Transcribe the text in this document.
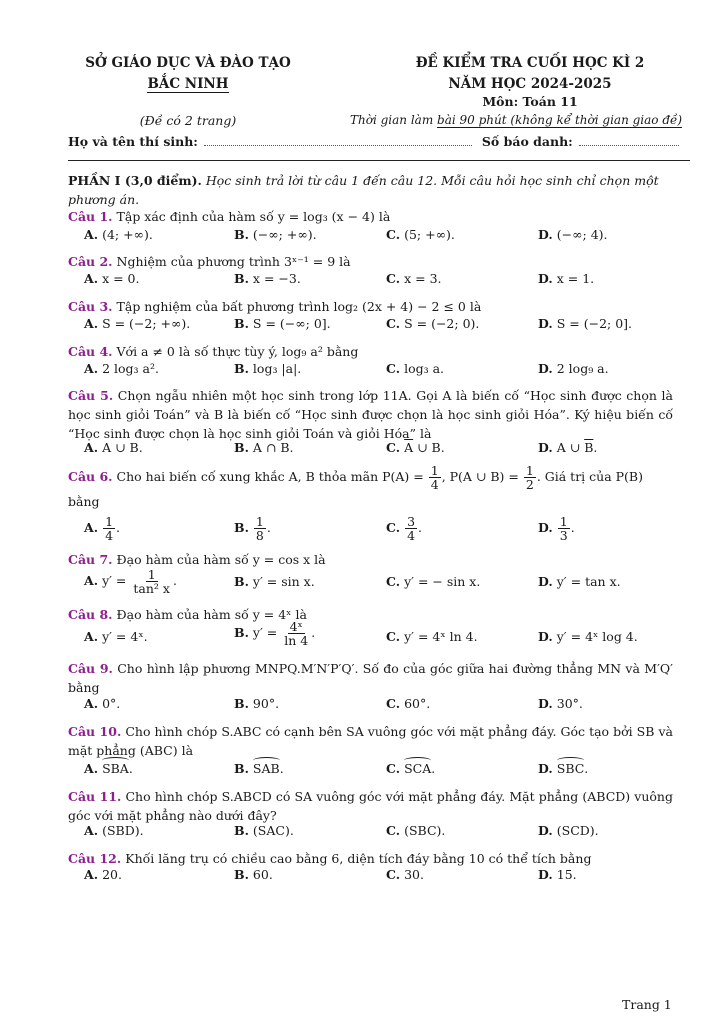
SỞ GIÁO DỤC VÀ ĐÀO TẠO
BẮC NINH
(Đề có 2 trang)
ĐỀ KIỂM TRA CUỐI HỌC KÌ 2
NĂM HỌC 2024-2025
Môn: Toán 11
Thời gian làm bài 90 phút (không kể thời gian giao đề)
Họ và tên thí sinh:	Số báo danh:
PHẦN I (3,0 điểm). Học sinh trả lời từ câu 1 đến câu 12. Mỗi câu hỏi học sinh chỉ chọn một phương án.
Câu 1. Tập xác định của hàm số y = log₃ (x − 4) là
A. (4; +∞).	B. (−∞; +∞).	C. (5; +∞).	D. (−∞; 4).
Câu 2. Nghiệm của phương trình 3ˣ⁻¹ = 9 là
A. x = 0.	B. x = −3.	C. x = 3.	D. x = 1.
Câu 3. Tập nghiệm của bất phương trình log₂ (2x + 4) − 2 ≤ 0 là
A. S = (−2; +∞).	B. S = (−∞; 0].	C. S = (−2; 0).	D. S = (−2; 0].
Câu 4. Với a ≠ 0 là số thực tùy ý, log₉ a² bằng
A. 2 log₃ a².	B. log₃ |a|.	C. log₃ a.	D. 2 log₉ a.
Câu 5. Chọn ngẫu nhiên một học sinh trong lớp 11A. Gọi A là biến cố “Học sinh được chọn là học sinh giỏi Toán” và B là biến cố “Học sinh được chọn là học sinh giỏi Hóa”. Ký hiệu biến cố “Học sinh được chọn là học sinh giỏi Toán và giỏi Hóa” là
A. A ∪ B.	B. A ∩ B.	C. $\overline{A}$ ∪ B.	D. A ∪ $\overline{B}$.
Câu 6. Cho hai biến cố xung khắc A, B thỏa mãn $P(A) = \frac{1}{4}$ , P(A ∪ $B) = \frac{1}{2}$ . Giá trị của P(B) bằng
A. $\frac{1}{4}$ .	B. $\frac{1}{8}$ .	C. $\frac{3}{4}$ .	D. $\frac{1}{3}$ .
Câu 7. Đạo hàm của hàm số y = cos x là
A. $y' = \frac{1}{\text{tan² x}}$ .	B. y′ = sin x.	C. y′ = − sin x.	D. y′ = tan x.
Câu 8. Đạo hàm của hàm số y = 4ˣ là
A. y′ = 4ˣ.	B. $y' = \frac{\text{4ˣ}}{\ln 4}$ .	C. y′ = 4ˣ ln 4.	D. y′ = 4ˣ log 4.
Câu 9. Cho hình lập phương MNPQ.M′N′P′Q′. Số đo của góc giữa hai đường thẳng MN và M′Q′ bằng
A. 0°.	B. 90°.	C. 60°.	D. 30°.
Câu 10. Cho hình chóp S.ABC có cạnh bên SA vuông góc với mặt phẳng đáy. Góc tạo bởi SB và mặt phẳng (ABC) là
A. SBA.	B. SAB.	C. SCA.	D. SBC.
Câu 11. Cho hình chóp S.ABCD có SA vuông góc với mặt phẳng đáy. Mặt phẳng (ABCD) vuông góc với mặt phẳng nào dưới đây?
A. (SBD).	B. (SAC).	C. (SBC).	D. (SCD).
Câu 12. Khối lăng trụ có chiều cao bằng 6, diện tích đáy bằng 10 có thể tích bằng
A. 20.	B. 60.	C. 30.	D. 15.
Trang 1
